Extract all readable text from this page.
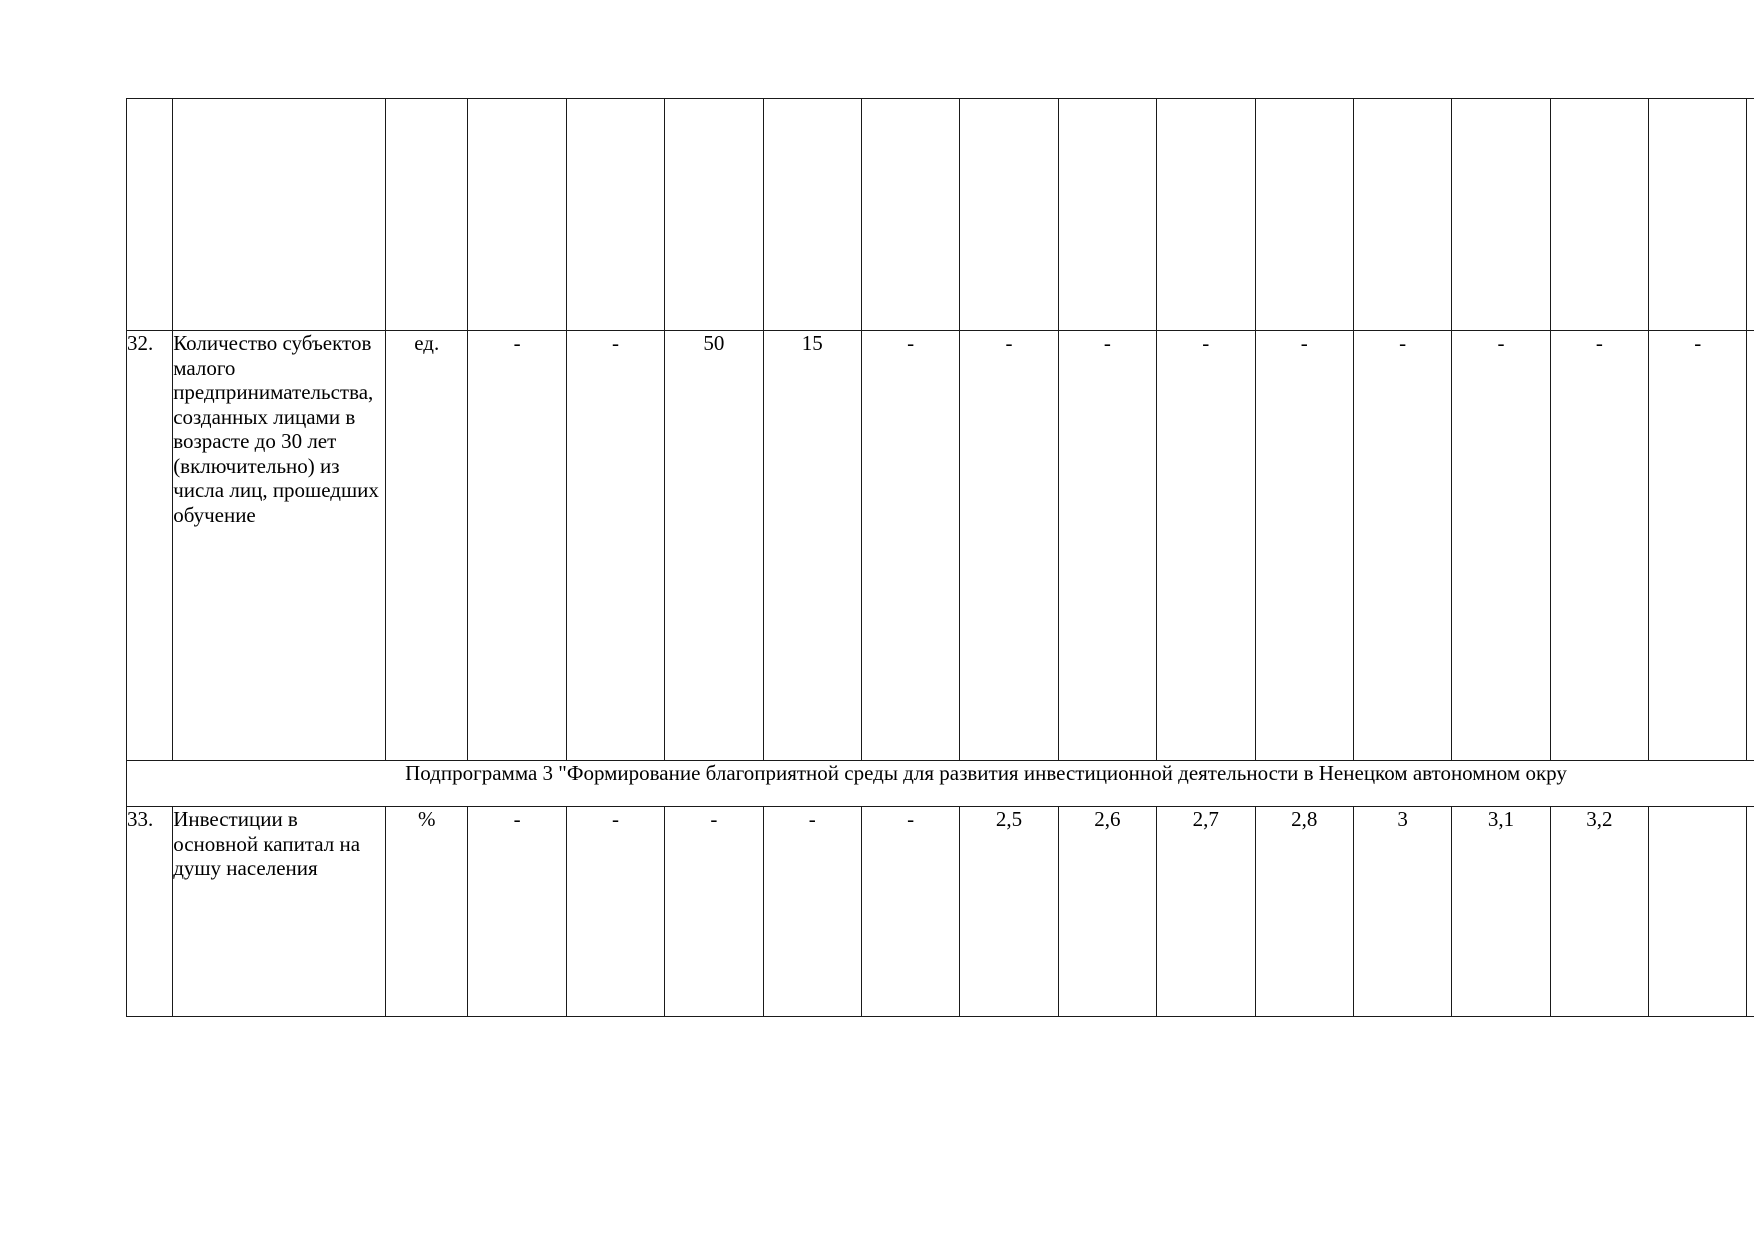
32.	Количество субъектов малого предпринимательства, созданных лицами в возрасте до 30 лет (включительно) из числа лиц, прошедших обучение	ед.	-	-	50	15	-	-	-	-	-	-	-	-	-	
Подпрограмма 3 "Формирование благоприятной среды для развития инвестиционной деятельности в Ненецком автономном окру																
33.	Инвестиции в основной капитал на душу населения	%	-	-	-	-	-	2,5	2,6	2,7	2,8	3	3,1	3,2		
